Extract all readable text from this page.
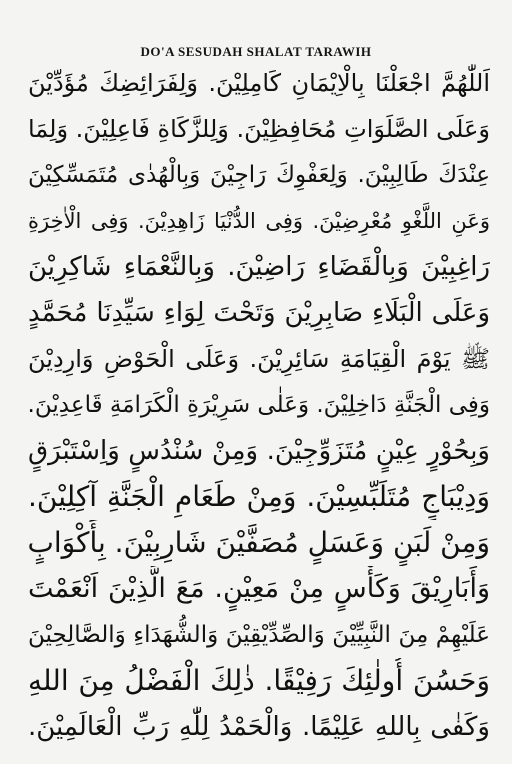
DO'A SESUDAH SHALAT TARAWIH
اَللّٰهُمَّ اجْعَلْنَا بِالْاِيْمَانِ كَامِلِيْنَ. وَلِفَرَائِضِكَ مُؤَدِّيْنَ
وَعَلَى الصَّلَوَاتِ مُحَافِظِيْنَ. وَلِلزَّكَاةِ فَاعِلِيْنَ. وَلِمَا
عِنْدَكَ طَالِبِيْنَ. وَلِعَفْوِكَ رَاجِيْنَ وَبِالْهُدٰى مُتَمَسِّكِيْنَ
وَعَنِ اللَّغْوِ مُعْرِضِيْنَ. وَفِى الدُّنْيَا زَاهِدِيْنَ. وَفِى الْاٰخِرَةِ
رَاغِبِيْنَ وَبِالْقَضَاءِ رَاضِيْنَ. وَبِالنَّعْمَاءِ شَاكِرِيْنَ
وَعَلَى الْبَلَاءِ صَابِرِيْنَ وَتَحْتَ لِوَاءِ سَيِّدِنَا مُحَمَّدٍ
ﷺ يَوْمَ الْقِيَامَةِ سَائِرِيْنَ. وَعَلَى الْحَوْضِ وَارِدِيْنَ
وَفِى الْجَنَّةِ دَاخِلِيْنَ. وَعَلٰى سَرِيْرَةِ الْكَرَامَةِ قَاعِدِيْنَ.
وَبِحُوْرٍ عِيْنٍ مُتَزَوِّجِيْنَ. وَمِنْ سُنْدُسٍ وَاِسْتَبْرَقٍ
وَدِيْبَاجٍ مُتَلَبِّسِيْنَ. وَمِنْ طَعَامِ الْجَنَّةِ آكِلِيْنَ.
وَمِنْ لَبَنٍ وَعَسَلٍ مُصَفَّيْنَ شَارِبِيْنَ. بِأَكْوَابٍ
وَأَبَارِيْقَ وَكَأْسٍ مِنْ مَعِيْنٍ. مَعَ الَّذِيْنَ اَنْعَمْتَ
عَلَيْهِمْ مِنَ النَّبِيِّيْنَ وَالصِّدِّيْقِيْنَ وَالشُّهَدَاءِ وَالصَّالِحِيْنَ
وَحَسُنَ أُولٰئِكَ رَفِيْقًا. ذٰلِكَ الْفَضْلُ مِنَ اللهِ
وَكَفٰى بِاللهِ عَلِيْمًا. وَالْحَمْدُ لِلّٰهِ رَبِّ الْعَالَمِيْنَ.
